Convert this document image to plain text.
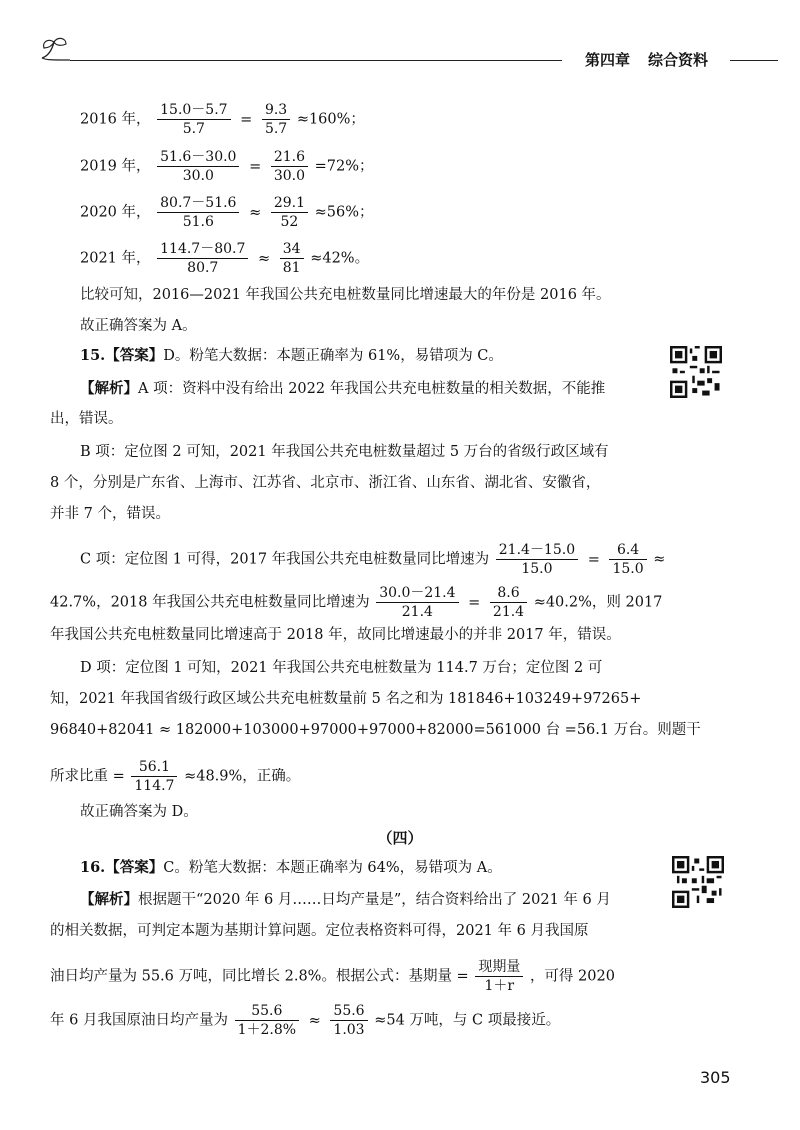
第四章 综合资料
2016 年， $\frac{15.0-5.7}{5.7} = \frac{9.3}{5.7} \approx 160\%$；
2019 年， $\frac{51.6-30.0}{30.0} = \frac{21.6}{30.0} =72\%$；
2020 年， $\frac{80.7-51.6}{51.6} \approx \frac{29.1}{52} \approx 56\%$；
2021 年， $\frac{114.7-80.7}{80.7} \approx \frac{34}{81} \approx 42\%$。
比较可知，2016—2021 年我国公共充电桩数量同比增速最大的年份是 2016 年。
故正确答案为 A。
15.【答案】D。粉笔大数据：本题正确率为 61%，易错项为 C。
【解析】A 项：资料中没有给出 2022 年我国公共充电桩数量的相关数据，不能推
出，错误。
B 项：定位图 2 可知，2021 年我国公共充电桩数量超过 5 万台的省级行政区域有
8 个，分别是广东省、上海市、江苏省、北京市、浙江省、山东省、湖北省、安徽省，
并非 7 个，错误。
C 项：定位图 1 可得，2017 年我国公共充电桩数量同比增速为 $\frac{21.4-15.0}{15.0} = \frac{6.4}{15.0}$ ≈
42.7%，2018 年我国公共充电桩数量同比增速为 $\frac{30.0-21.4}{21.4} = \frac{8.6}{21.4} \approx 40.2\%$，则 2017
年我国公共充电桩数量同比增速高于 2018 年，故同比增速最小的并非 2017 年，错误。
D 项：定位图 1 可知，2021 年我国公共充电桩数量为 114.7 万台；定位图 2 可
知，2021 年我国省级行政区域公共充电桩数量前 5 名之和为 181846+103249+97265+
96840+82041 ≈ 182000+103000+97000+97000+82000=561000 台 =56.1 万台。则题干
所求比重 = $\frac{56.1}{114.7} \approx 48.9\%$，正确。
故正确答案为 D。
（四）
16.【答案】C。粉笔大数据：本题正确率为 64%，易错项为 A。
【解析】根据题干“2020 年 6 月……日均产量是”，结合资料给出了 2021 年 6 月
的相关数据，可判定本题为基期计算问题。定位表格资料可得，2021 年 6 月我国原
油日均产量为 55.6 万吨，同比增长 2.8%。根据公式：基期量 = $\frac{\text{现期量}}{1+r}$ ，可得 2020
年 6 月我国原油日均产量为 $\frac{55.6}{1+2.8\%} \approx \frac{55.6}{1.03} \approx 54$ 万吨，与 C 项最接近。
305
